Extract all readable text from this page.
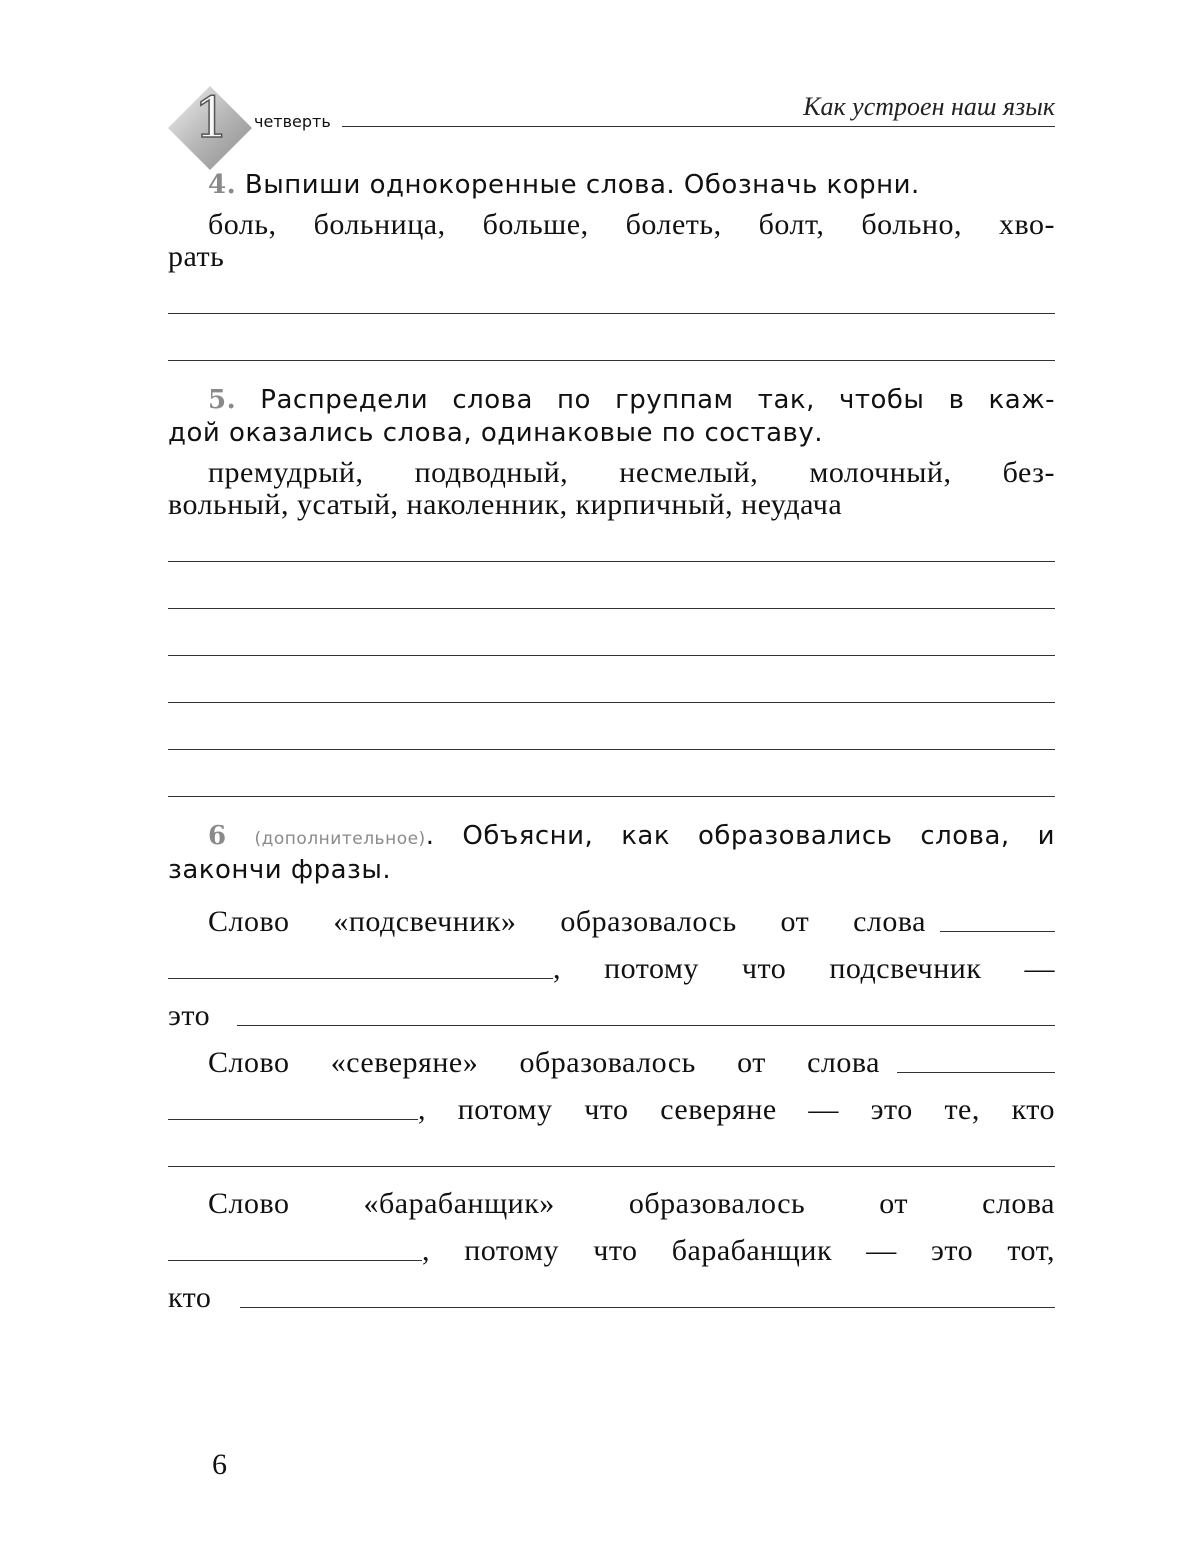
1 четверть
Как устроен наш язык
4. Выпиши однокоренные слова. Обозначь корни.
боль, больница, больше, болеть, болт, больно, хво-
рать
5. Распредели слова по группам так, чтобы в каж-
дой оказались слова, одинаковые по составу.
премудрый, подводный, несмелый, молочный, без-
вольный, усатый, наколенник, кирпичный, неудача
6 (дополнительное). Объясни, как образовались слова, и
закончи фразы.
Слово «подсвечник» образовалось от слова
, потому что подсвечник —
это
Слово «северяне» образовалось от слова
, потому что северяне — это те, кто
Слово «барабанщик» образовалось от слова
, потому что барабанщик — это тот,
кто
6
